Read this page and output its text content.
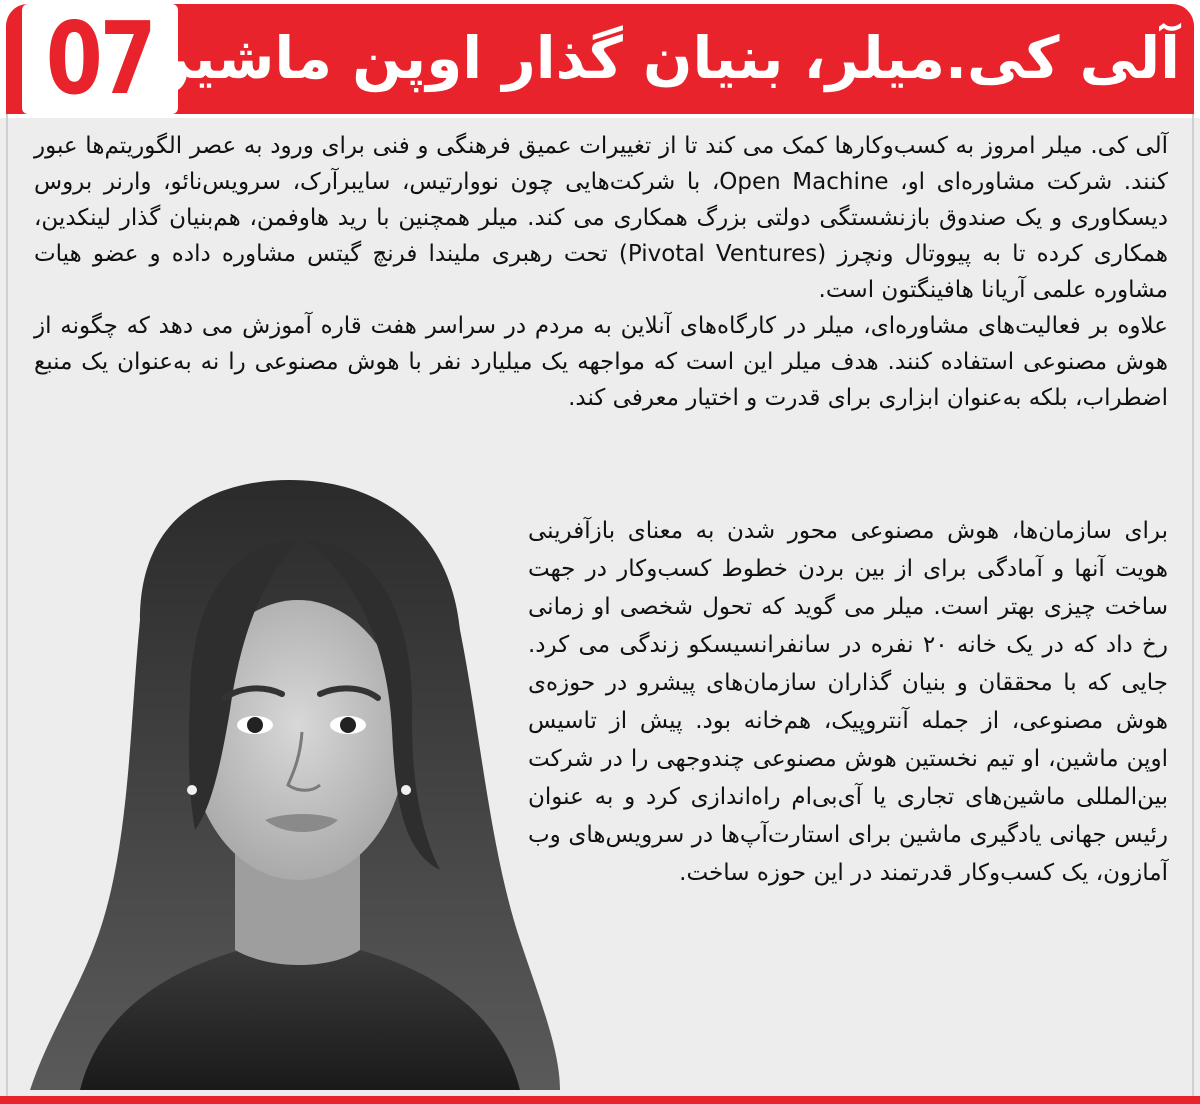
07
آلی کی.میلر، بنیان گذار اوپن ماشین

آلی کی. میلر امروز به کسب‌وکارها کمک می کند تا از تغییرات عمیق فرهنگی و فنی برای ورود به عصر الگوریتم‌ها عبور کنند. شرکت مشاوره‌ای او، Open Machine، با شرکت‌هایی چون نووارتیس، سایبرآرک، سرویس‌نائو، وارنر بروس دیسکاوری و یک صندوق بازنشستگی دولتی بزرگ همکاری می کند. میلر همچنین با رید هاوفمن، هم‌بنیان گذار لینکدین، همکاری کرده تا به پیووتال ونچرز (Pivotal Ventures) تحت رهبری ملیندا فرنچ گیتس مشاوره داده و عضو هیات مشاوره علمی آریانا هافینگتون است.

علاوه بر فعالیت‌های مشاوره‌ای، میلر در کارگاه‌های آنلاین به مردم در سراسر هفت قاره آموزش می دهد که چگونه از هوش مصنوعی استفاده کنند. هدف میلر این است که مواجهه یک میلیارد نفر با هوش مصنوعی را نه به‌عنوان یک منبع اضطراب، بلکه به‌عنوان ابزاری برای قدرت و اختیار معرفی کند.

برای سازمان‌ها، هوش مصنوعی محور شدن به معنای بازآفرینی هویت آنها و آمادگی برای از بین بردن خطوط کسب‌وکار در جهت ساخت چیزی بهتر است. میلر می گوید که تحول شخصی او زمانی رخ داد که در یک خانه ۲۰ نفره در سانفرانسیسکو زندگی می کرد. جایی که با محققان و بنیان گذاران سازمان‌های پیشرو در حوزه‌ی هوش مصنوعی، از جمله آنتروپیک، هم‌خانه بود. پیش از تاسیس اوپن ماشین، او تیم نخستین هوش مصنوعی چندوجهی را در شرکت بین‌المللی ماشین‌های تجاری یا آی‌بی‌ام راه‌اندازی کرد و به عنوان رئیس جهانی یادگیری ماشین برای استارت‌آپ‌ها در سرویس‌های وب آمازون، یک کسب‌وکار قدرتمند در این حوزه ساخت.
